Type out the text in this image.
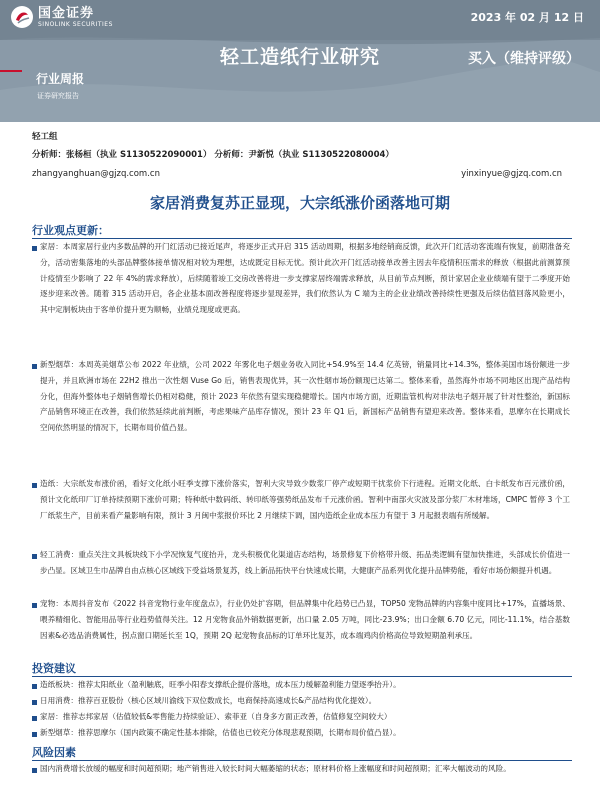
国金证券
SINOLINK SECURITIES	2023 年 02 月 12 日
轻工造纸行业研究	买入（维持评级）
行业周报
证券研究报告
轻工组
分析师：张杨桓（执业 S1130522090001） 分析师：尹新悦（执业 S1130522080004）
zhangyanghuan@gjzq.com.cn	yinxinyue@gjzq.com.cn
家居消费复苏正显现，大宗纸涨价函落地可期
行业观点更新：
家居：本周家居行业内多数品牌的开门红活动已接近尾声，将逐步正式开启 315 活动周期，根据多地经销商反馈，此次开门红活动客流端有恢复，前期准备充分，活动密集落地的头部品牌整体接单情况相对较为理想，达成既定目标无忧。预计此次开门红活动接单改善主因去年疫情积压需求的释放（根据此前测算预计疫情至少影响了 22 年 4%的需求释放），后续随着竣工交房改善将进一步支撑家居终端需求释放，从目前节点判断，预计家居企业业绩端有望于二季度开始逐步迎来改善。随着 315 活动开启，各企业基本面改善程度将逐步显现差异，我们依然认为 C 端为主的企业业绩改善持续性更强及后续估值回落风险更小，其中定制板块由于客单价提升更为顺畅，业绩兑现度或更高。
新型烟草：本周英美烟草公布 2022 年业绩，公司 2022 年雾化电子烟业务收入同比+54.9%至 14.4 亿英镑，销量同比+14.3%，整体美国市场份额进一步提升，并且欧洲市场在 22H2 推出一次性烟 Vuse Go 后，销售表现优异，其一次性烟市场份额现已达第二。整体来看，虽然海外市场不同地区出现产品结构分化，但海外整体电子烟销售增长仍相对稳健，预计 2023 年依然有望实现稳健增长。国内市场方面，近期监管机构对非法电子烟开展了针对性整治，新国标产品销售环境正在改善，我们依然延续此前判断，考虑果味产品库存情况，预计 23 年 Q1 后，新国标产品销售有望迎来改善。整体来看，思摩尔在长期成长空间依然明显的情况下，长期布局价值凸显。
造纸：大宗纸发布涨价函，看好文化纸小旺季支撑下涨价落实，智利大灾导致少数浆厂停产或短期干扰浆价下行进程。近期文化纸、白卡纸发布百元涨价函，预计文化纸印厂订单持续预期下涨价可期；特种纸中数码纸、转印纸等强势纸品发布千元涨价函。智利中南部火灾波及部分浆厂木材堆场，CMPC 暂停 3 个工厂纸浆生产，目前来看产量影响有限，预计 3 月闽中浆报价环比 2 月继续下调，国内造纸企业成本压力有望于 3 月起报表端有所缓解。
轻工消费：重点关注文具板块线下小学况恢复气度抬升，龙头积极优化渠道店态结构，场景修复下价格带升级、拓品类逻辑有望加快推进，头部成长价值进一步凸显。区域卫生巾品牌自由点核心区域线下受益场景复苏，线上新品拓快平台快速成长期，大健康产品系列优化提升品牌势能，看好市场份额提升机遇。
宠物：本周抖音发布《2022 抖音宠物行业年度盘点》，行业仍处扩容期，但品牌集中化趋势已凸显，TOP50 宠物品牌的内容集中度同比+17%，直播场景、喂养精细化、智能用品等行业趋势值得关注。12 月宠物食品外销数据更新，出口量 2.05 万吨，同比-23.9%；出口金额 6.70 亿元，同比-11.1%，结合基数因素&必选品消费属性，拐点窗口期延长至 1Q，预期 2Q 起宠物食品标的订单环比复苏，成本端鸡肉价格高位导致短期盈利承压。
投资建议
造纸板块：推荐太阳纸业（盈利触底，旺季小阳春支撑纸企提价落地，成本压力缓解盈利能力望逐季抬升）。
日用消费：推荐百亚股份（核心区域川渝线下双位数成长，电商保持高速成长&产品结构优化提效）。
家居：推荐志邦家居（估值较低&零售能力持续验证）、索菲亚（自身多方面正改善，估值修复空间较大）
新型烟草：推荐思摩尔（国内政策不确定性基本排除，估值也已较充分体现悲观预期，长期布局价值凸显）。
风险因素
国内消费增长放缓的幅度和时间超预期；地产销售进入较长时间大幅萎缩的状态；原材料价格上涨幅度和时间超预期；汇率大幅波动的风险。
